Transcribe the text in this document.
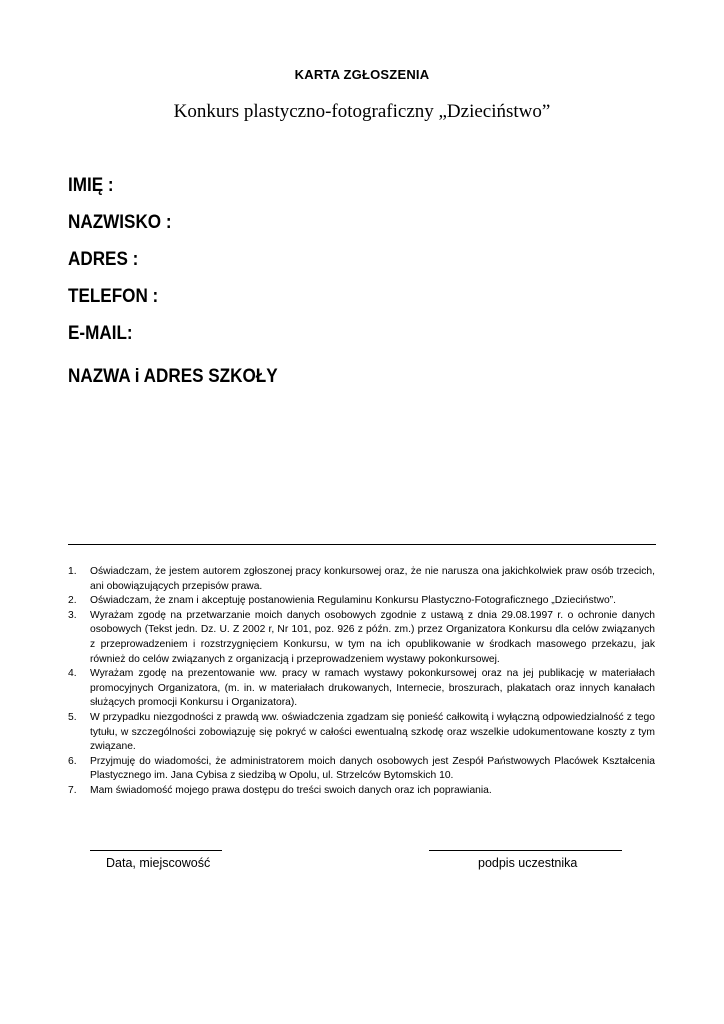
KARTA ZGŁOSZENIA
Konkurs plastyczno-fotograficzny „Dzieciństwo”
IMIĘ :
NAZWISKO :
ADRES :
TELEFON :
E-MAIL:
NAZWA i ADRES SZKOŁY
1.	Oświadczam, że jestem autorem zgłoszonej pracy konkursowej oraz, że nie narusza ona jakichkolwiek praw osób trzecich, ani obowiązujących przepisów prawa.
2.	Oświadczam, że znam i akceptuję postanowienia Regulaminu Konkursu Plastyczno-Fotograficznego „Dzieciństwo”.
3.	Wyrażam zgodę na przetwarzanie moich danych osobowych zgodnie z ustawą z dnia 29.08.1997 r. o ochronie danych osobowych (Tekst jedn. Dz. U. Z 2002 r, Nr 101, poz. 926 z późn. zm.) przez Organizatora Konkursu dla celów związanych z przeprowadzeniem i rozstrzygnięciem Konkursu, w tym na ich opublikowanie w środkach masowego przekazu, jak również do celów związanych z organizacją i przeprowadzeniem wystawy pokonkursowej.
4.	Wyrażam zgodę na prezentowanie ww. pracy w ramach wystawy pokonkursowej oraz na jej publikację w materiałach promocyjnych Organizatora, (m. in. w materiałach drukowanych, Internecie, broszurach, plakatach oraz innych kanałach służących promocji Konkursu i Organizatora).
5.	W przypadku niezgodności z prawdą ww. oświadczenia zgadzam się ponieść całkowitą i wyłączną odpowiedzialność z tego tytułu, w szczególności zobowiązuję się pokryć w całości ewentualną szkodę oraz wszelkie udokumentowane koszty z tym związane.
6.	Przyjmuję do wiadomości, że administratorem moich danych osobowych jest Zespół Państwowych Placówek Kształcenia Plastycznego im. Jana Cybisa z siedzibą w Opolu, ul. Strzelców Bytomskich 10.
7.	Mam świadomość mojego prawa dostępu do treści swoich danych oraz ich poprawiania.
Data, miejscowość	podpis uczestnika
